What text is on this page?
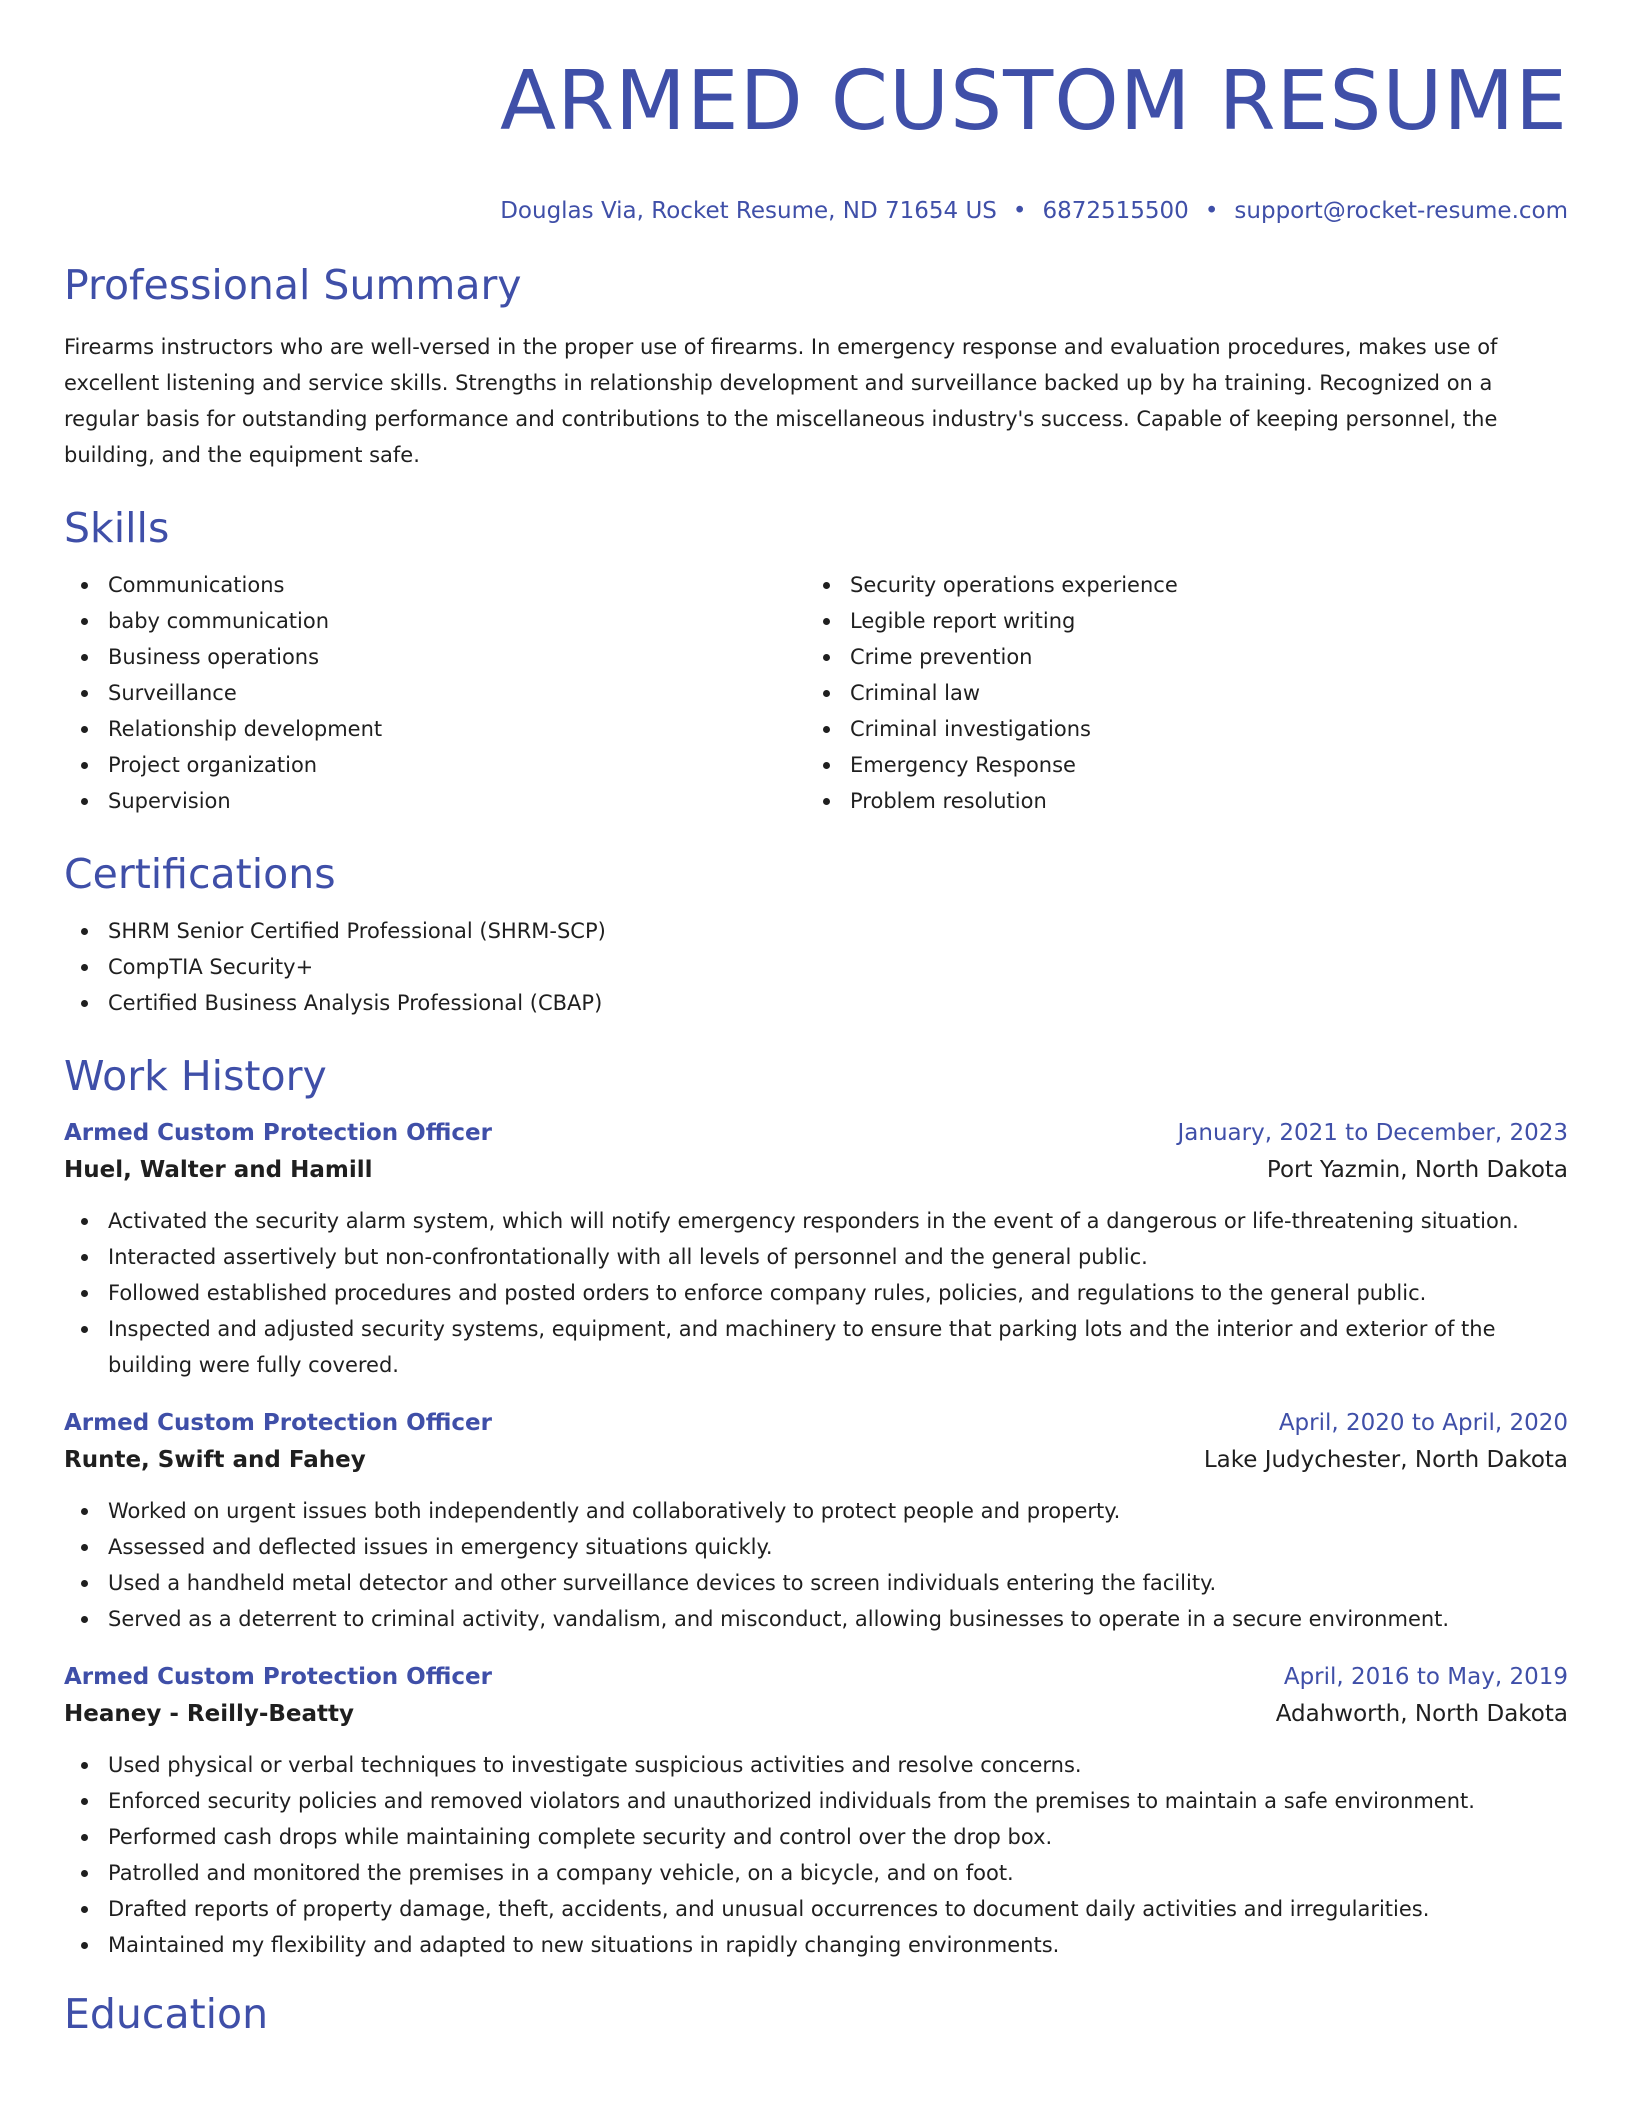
ARMED CUSTOM RESUME
Douglas Via, Rocket Resume, ND 71654 US • 6872515500 • support@rocket-resume.com
Professional Summary

Firearms instructors who are well-versed in the proper use of firearms. In emergency response and evaluation procedures, makes use of excellent listening and service skills. Strengths in relationship development and surveillance backed up by ha training. Recognized on a regular basis for outstanding performance and contributions to the miscellaneous industry's success. Capable of keeping personnel, the building, and the equipment safe.

Skills
Communications
baby communication
Business operations
Surveillance
Relationship development
Project organization
Supervision
Security operations experience
Legible report writing
Crime prevention
Criminal law
Criminal investigations
Emergency Response
Problem resolution
Certifications
SHRM Senior Certified Professional (SHRM-SCP)
CompTIA Security+
Certified Business Analysis Professional (CBAP)
Work History
Armed Custom Protection Officer	January, 2021 to December, 2023
Huel, Walter and Hamill	Port Yazmin, North Dakota
Activated the security alarm system, which will notify emergency responders in the event of a dangerous or life-threatening situation.
Interacted assertively but non-confrontationally with all levels of personnel and the general public.
Followed established procedures and posted orders to enforce company rules, policies, and regulations to the general public.
Inspected and adjusted security systems, equipment, and machinery to ensure that parking lots and the interior and exterior of the building were fully covered.
Armed Custom Protection Officer	April, 2020 to April, 2020
Runte, Swift and Fahey	Lake Judychester, North Dakota
Worked on urgent issues both independently and collaboratively to protect people and property.
Assessed and deflected issues in emergency situations quickly.
Used a handheld metal detector and other surveillance devices to screen individuals entering the facility.
Served as a deterrent to criminal activity, vandalism, and misconduct, allowing businesses to operate in a secure environment.
Armed Custom Protection Officer	April, 2016 to May, 2019
Heaney - Reilly-Beatty	Adahworth, North Dakota
Used physical or verbal techniques to investigate suspicious activities and resolve concerns.
Enforced security policies and removed violators and unauthorized individuals from the premises to maintain a safe environment.
Performed cash drops while maintaining complete security and control over the drop box.
Patrolled and monitored the premises in a company vehicle, on a bicycle, and on foot.
Drafted reports of property damage, theft, accidents, and unusual occurrences to document daily activities and irregularities.
Maintained my flexibility and adapted to new situations in rapidly changing environments.
Education
